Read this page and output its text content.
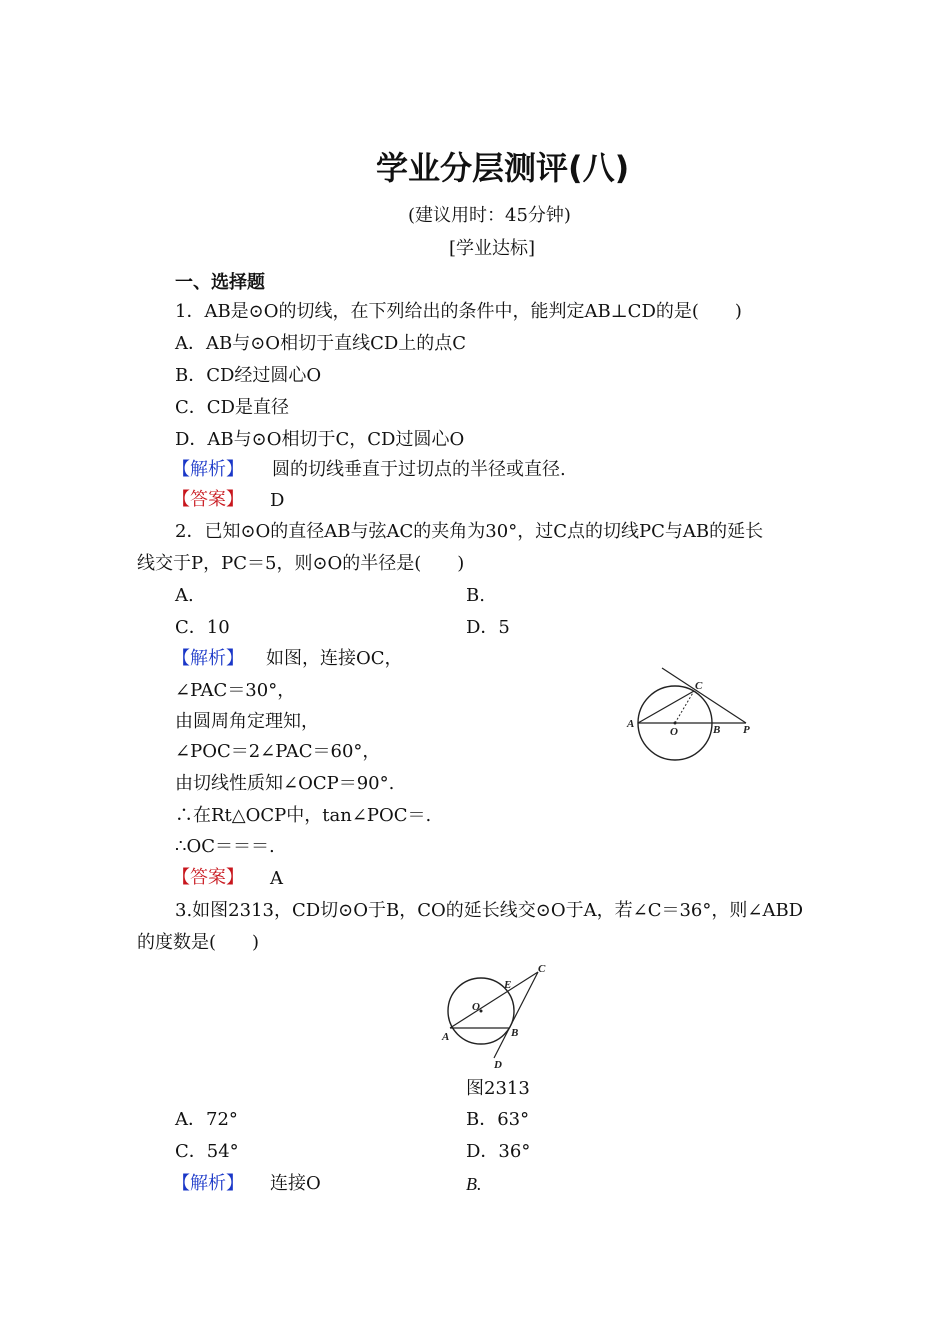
学业分层测评(八)
(建议用时：45分钟)
[学业达标]
一、选择题
1．AB是⊙O的切线，在下列给出的条件中，能判定AB⊥CD的是(　　)
A．AB与⊙O相切于直线CD上的点C
B．CD经过圆心O
C．CD是直径
D．AB与⊙O相切于C，CD过圆心O
【解析】 圆的切线垂直于过切点的半径或直径.
【答案】 D
2．已知⊙O的直径AB与弦AC的夹角为30°，过C点的切线PC与AB的延长
线交于P，PC＝5，则⊙O的半径是(　　)
A.	B.
C．10	D．5
【解析】 如图，连接OC，
∠PAC＝30°，
由圆周角定理知，
∠POC＝2∠PAC＝60°，
由切线性质知∠OCP＝90°.
∴在Rt△OCP中，tan∠POC＝.
∴OC＝＝＝.
【答案】 A
A
O	B P
C
3.如图2313，CD切⊙O于B，CO的延长线交⊙O于A，若∠C＝36°，则∠ABD
的度数是(　　)
C
E
O
A	B
D
图2313
A．72°	B．63°
C．54°	D．36°
【解析】 连接O	B.
